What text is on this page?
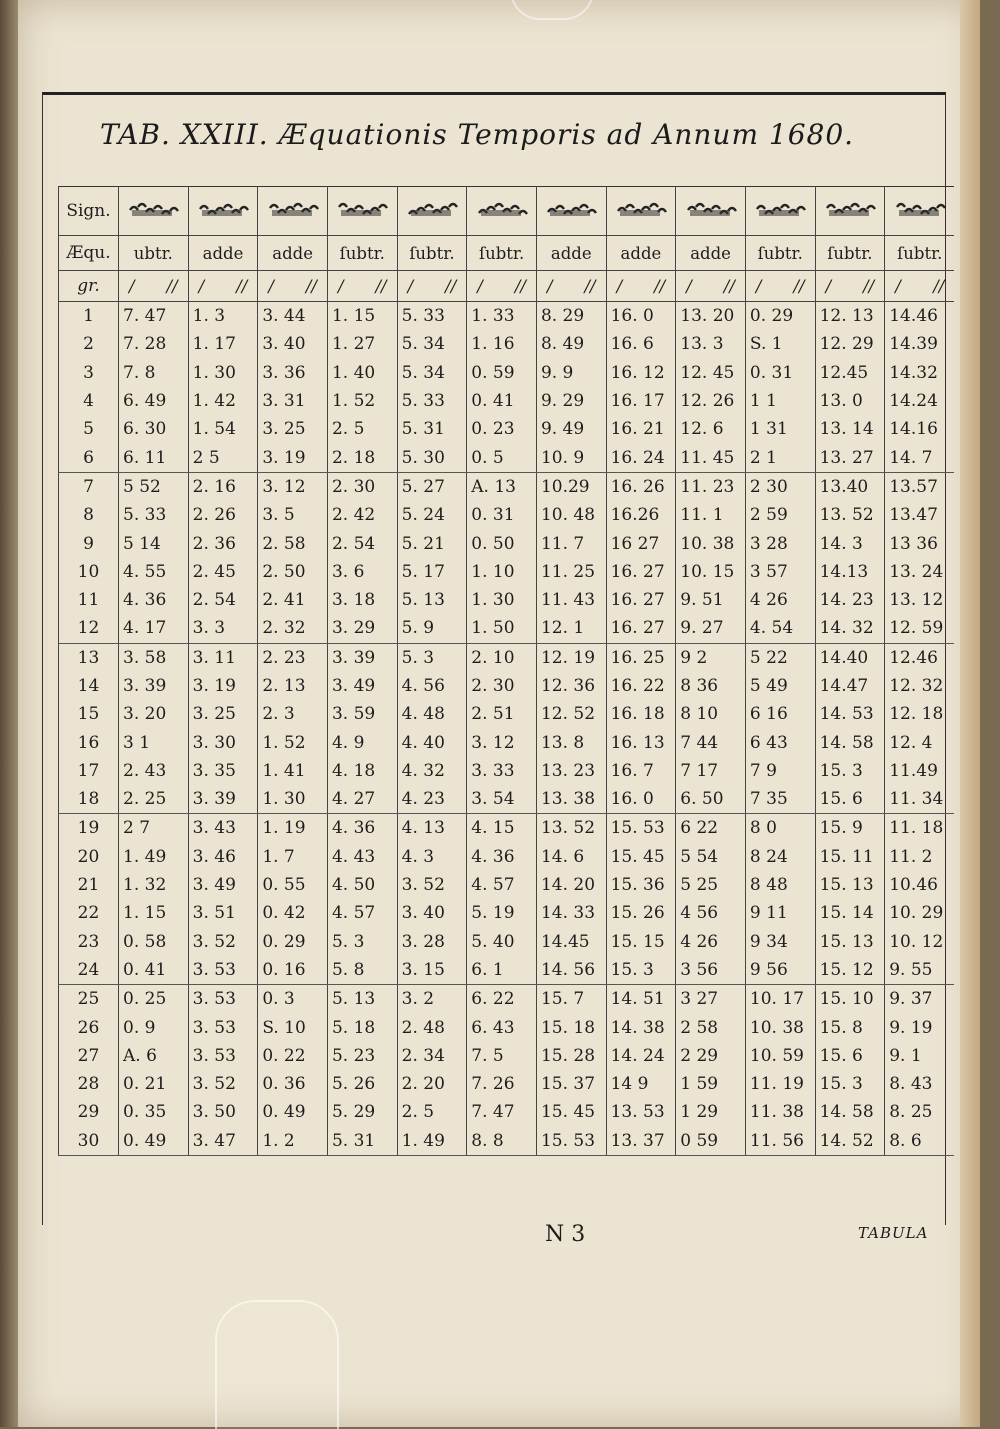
TAB. XXIII. Æquationis Temporis ad Annum 1680.
Sign.												
Æqu.	ubtr.	adde	adde	ſubtr.	ſubtr.	ſubtr.	adde	adde	adde	ſubtr.	ſubtr.	ſubtr.
gr.	/ //	/ //	/ //	/ //	/ //	/ //	/ //	/ //	/ //	/ //	/ //	/ //

1	7. 47	1. 3	3. 44	1. 15	5. 33	1. 33	8. 29	16. 0	13. 20	0. 29	12. 13	14.46
2	7. 28	1. 17	3. 40	1. 27	5. 34	1. 16	8. 49	16. 6	13. 3	S. 1	12. 29	14.39
3	7. 8	1. 30	3. 36	1. 40	5. 34	0. 59	9. 9	16. 12	12. 45	0. 31	12.45	14.32
4	6. 49	1. 42	3. 31	1. 52	5. 33	0. 41	9. 29	16. 17	12. 26	1 1	13. 0	14.24
5	6. 30	1. 54	3. 25	2. 5	5. 31	0. 23	9. 49	16. 21	12. 6	1 31	13. 14	14.16
6	6. 11	2 5	3. 19	2. 18	5. 30	0. 5	10. 9	16. 24	11. 45	2 1	13. 27	14. 7
7	5 52	2. 16	3. 12	2. 30	5. 27	A. 13	10.29	16. 26	11. 23	2 30	13.40	13.57
8	5. 33	2. 26	3. 5	2. 42	5. 24	0. 31	10. 48	16.26	11. 1	2 59	13. 52	13.47
9	5 14	2. 36	2. 58	2. 54	5. 21	0. 50	11. 7	16 27	10. 38	3 28	14. 3	13 36
10	4. 55	2. 45	2. 50	3. 6	5. 17	1. 10	11. 25	16. 27	10. 15	3 57	14.13	13. 24
11	4. 36	2. 54	2. 41	3. 18	5. 13	1. 30	11. 43	16. 27	9. 51	4 26	14. 23	13. 12
12	4. 17	3. 3	2. 32	3. 29	5. 9	1. 50	12. 1	16. 27	9. 27	4. 54	14. 32	12. 59
13	3. 58	3. 11	2. 23	3. 39	5. 3	2. 10	12. 19	16. 25	9 2	5 22	14.40	12.46
14	3. 39	3. 19	2. 13	3. 49	4. 56	2. 30	12. 36	16. 22	8 36	5 49	14.47	12. 32
15	3. 20	3. 25	2. 3	3. 59	4. 48	2. 51	12. 52	16. 18	8 10	6 16	14. 53	12. 18
16	3 1	3. 30	1. 52	4. 9	4. 40	3. 12	13. 8	16. 13	7 44	6 43	14. 58	12. 4
17	2. 43	3. 35	1. 41	4. 18	4. 32	3. 33	13. 23	16. 7	7 17	7 9	15. 3	11.49
18	2. 25	3. 39	1. 30	4. 27	4. 23	3. 54	13. 38	16. 0	6. 50	7 35	15. 6	11. 34
19	2 7	3. 43	1. 19	4. 36	4. 13	4. 15	13. 52	15. 53	6 22	8 0	15. 9	11. 18
20	1. 49	3. 46	1. 7	4. 43	4. 3	4. 36	14. 6	15. 45	5 54	8 24	15. 11	11. 2
21	1. 32	3. 49	0. 55	4. 50	3. 52	4. 57	14. 20	15. 36	5 25	8 48	15. 13	10.46
22	1. 15	3. 51	0. 42	4. 57	3. 40	5. 19	14. 33	15. 26	4 56	9 11	15. 14	10. 29
23	0. 58	3. 52	0. 29	5. 3	3. 28	5. 40	14.45	15. 15	4 26	9 34	15. 13	10. 12
24	0. 41	3. 53	0. 16	5. 8	3. 15	6. 1	14. 56	15. 3	3 56	9 56	15. 12	9. 55
25	0. 25	3. 53	0. 3	5. 13	3. 2	6. 22	15. 7	14. 51	3 27	10. 17	15. 10	9. 37
26	0. 9	3. 53	S. 10	5. 18	2. 48	6. 43	15. 18	14. 38	2 58	10. 38	15. 8	9. 19
27	A. 6	3. 53	0. 22	5. 23	2. 34	7. 5	15. 28	14. 24	2 29	10. 59	15. 6	9. 1
28	0. 21	3. 52	0. 36	5. 26	2. 20	7. 26	15. 37	14 9	1 59	11. 19	15. 3	8. 43
29	0. 35	3. 50	0. 49	5. 29	2. 5	7. 47	15. 45	13. 53	1 29	11. 38	14. 58	8. 25
30	0. 49	3. 47	1. 2	5. 31	1. 49	8. 8	15. 53	13. 37	0 59	11. 56	14. 52	8. 6
N 3	TABULA
